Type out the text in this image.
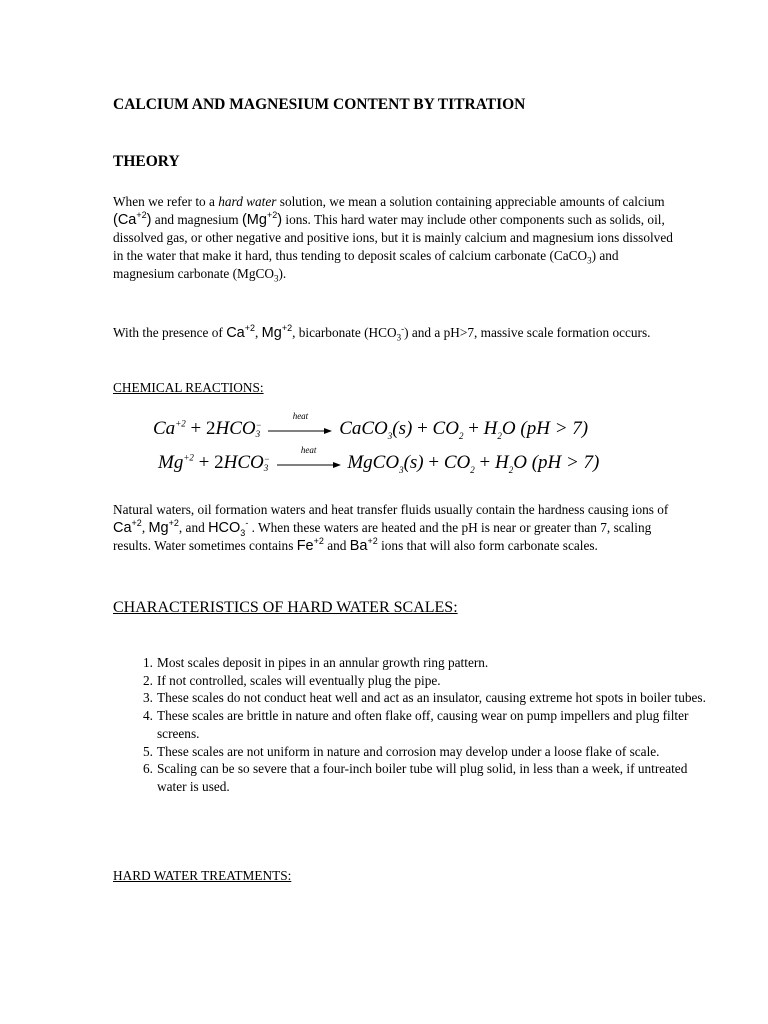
CALCIUM AND MAGNESIUM CONTENT BY TITRATION
THEORY
When we refer to a hard water solution, we mean a solution containing appreciable amounts of calcium $(Ca^{+2})$ and magnesium $(Mg^{+2})$ ions. This hard water may include other components such as solids, oil, dissolved gas, or other negative and positive ions, but it is mainly calcium and magnesium ions dissolved in the water that make it hard, thus tending to deposit scales of calcium carbonate (CaCO$_3$) and magnesium carbonate (MgCO$_3$).
With the presence of $Ca^{+2}$, $Mg^{+2}$, bicarbonate $(HCO_3^-)$ and a pH>7, massive scale formation occurs.
CHEMICAL REACTIONS:
$Ca^{+2} + 2HCO$ −
3

heat
CaCO$_3$(s) + $CO_2 + H_2O$ (pH > 7)
$Mg^{+2} + 2HCO$ −
3

heat
MgCO$_3$(s) + $CO_2 + H_2O$ (pH > 7)
Natural waters, oil formation waters and heat transfer fluids usually contain the hardness causing ions of $Ca^{+2}$, $Mg^{+2}$, and $HCO_3^-$ . When these waters are heated and the pH is near or greater than 7, scaling results. Water sometimes contains $Fe^{+2}$ and $Ba^{+2}$ ions that will also form carbonate scales.
CHARACTERISTICS OF HARD WATER SCALES:
1. Most scales deposit in pipes in an annular growth ring pattern.
2. If not controlled, scales will eventually plug the pipe.
3. These scales do not conduct heat well and act as an insulator, causing extreme hot spots in boiler tubes.
4. These scales are brittle in nature and often flake off, causing wear on pump impellers and plug filter screens.
5. These scales are not uniform in nature and corrosion may develop under a loose flake of scale.
6. Scaling can be so severe that a four-inch boiler tube will plug solid, in less than a week, if untreated water is used.
HARD WATER TREATMENTS:
